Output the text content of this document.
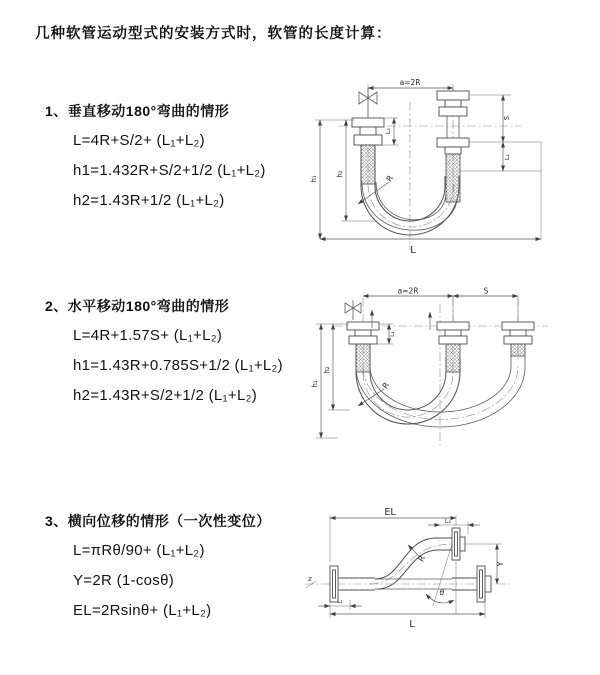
几种软管运动型式的安装方式时，软管的长度计算：
1、垂直移动180°弯曲的情形
L=4R+S/2+ (L₁+L₂)
h1=1.432R+S/2+1/2 (L₁+L₂)
h2=1.43R+1/2 (L₁+L₂)
2、水平移动180°弯曲的情形
L=4R+1.57S+ (L₁+L₂)
h1=1.43R+0.785S+1/2 (L₁+L₂)
h2=1.43R+S/2+1/2 (L₁+L₂)
3、横向位移的情形（一次性变位）
L=πRθ/90+ (L₁+L₂)
Y=2R (1-cosθ)
EL=2Rsinθ+ (L₁+L₂)
a=2R
L₁
h₁
h₂
S
L₁
R
L
a=2R	S
L₁
h₁
h₂
R
z
EL
L₂
Y
θ
R
L₁
L
